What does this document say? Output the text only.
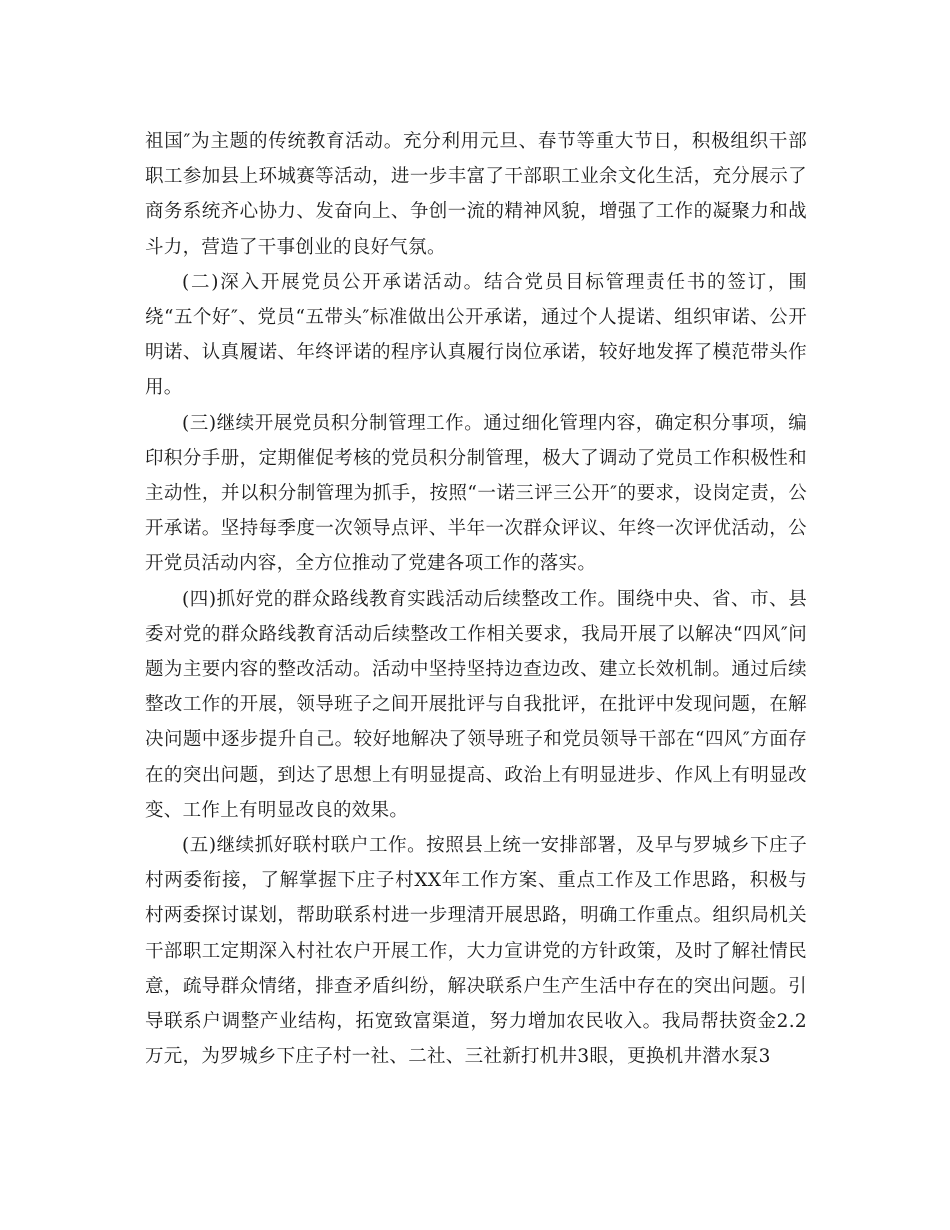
祖国″为主题的传统教育活动。充分利用元旦、春节等重大节日，积极组织干部职工参加县上环城赛等活动，进一步丰富了干部职工业余文化生活，充分展示了商务系统齐心协力、发奋向上、争创一流的精神风貌，增强了工作的凝聚力和战斗力，营造了干事创业的良好气氛。

(二)深入开展党员公开承诺活动。结合党员目标管理责任书的签订，围绕“五个好″、党员“五带头″标准做出公开承诺，通过个人提诺、组织审诺、公开明诺、认真履诺、年终评诺的程序认真履行岗位承诺，较好地发挥了模范带头作用。

(三)继续开展党员积分制管理工作。通过细化管理内容，确定积分事项，编印积分手册，定期催促考核的党员积分制管理，极大了调动了党员工作积极性和主动性，并以积分制管理为抓手，按照“一诺三评三公开″的要求，设岗定责，公开承诺。坚持每季度一次领导点评、半年一次群众评议、年终一次评优活动，公开党员活动内容，全方位推动了党建各项工作的落实。

(四)抓好党的群众路线教育实践活动后续整改工作。围绕中央、省、市、县委对党的群众路线教育活动后续整改工作相关要求，我局开展了以解决“四风″问题为主要内容的整改活动。活动中坚持坚持边查边改、建立长效机制。通过后续整改工作的开展，领导班子之间开展批评与自我批评，在批评中发现问题，在解决问题中逐步提升自己。较好地解决了领导班子和党员领导干部在“四风″方面存在的突出问题，到达了思想上有明显提高、政治上有明显进步、作风上有明显改变、工作上有明显改良的效果。

(五)继续抓好联村联户工作。按照县上统一安排部署，及早与罗城乡下庄子村两委衔接，了解掌握下庄子村XX年工作方案、重点工作及工作思路，积极与村两委探讨谋划，帮助联系村进一步理清开展思路，明确工作重点。组织局机关干部职工定期深入村社农户开展工作，大力宣讲党的方针政策，及时了解社情民意，疏导群众情绪，排查矛盾纠纷，解决联系户生产生活中存在的突出问题。引导联系户调整产业结构，拓宽致富渠道，努力增加农民收入。我局帮扶资金2.2万元，为罗城乡下庄子村一社、二社、三社新打机井3眼，更换机井潜水泵3
